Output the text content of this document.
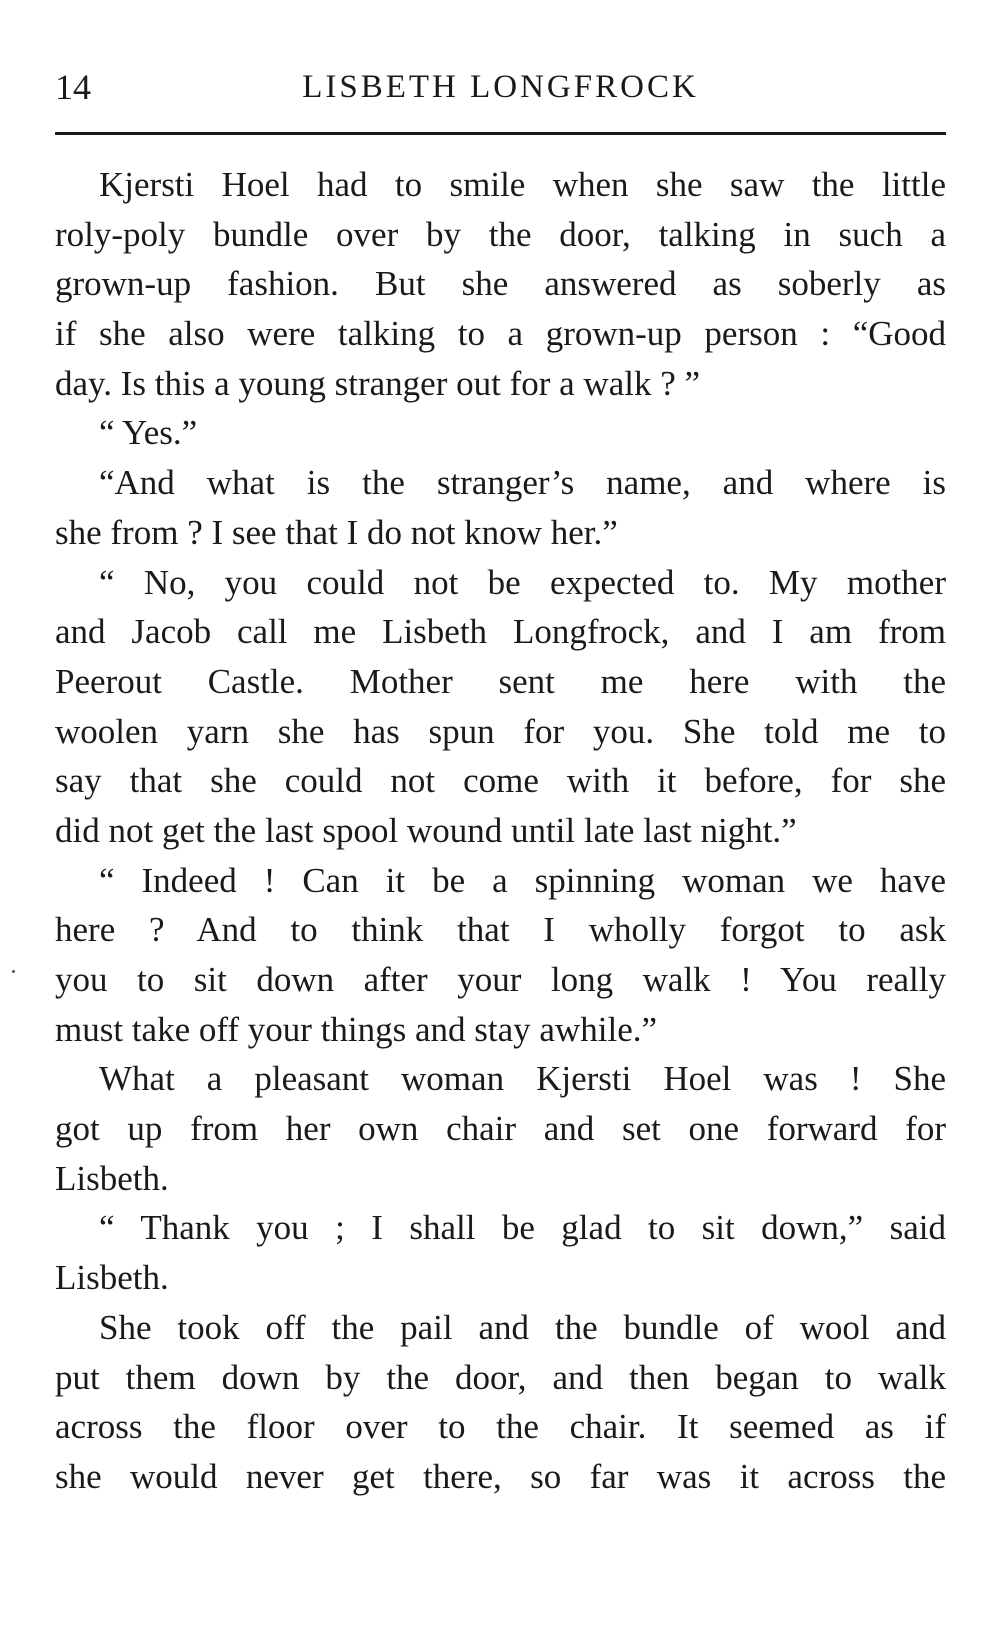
14	LISBETH LONGFROCK
Kjersti Hoel had to smile when she saw the little
roly-poly bundle over by the door, talking in such a
grown-up fashion. But she answered as soberly as
if she also were talking to a grown-up person : “Good
day. Is this a young stranger out for a walk ? ”
“ Yes.”
“And what is the stranger’s name, and where is
she from ? I see that I do not know her.”
“ No, you could not be expected to. My mother
and Jacob call me Lisbeth Longfrock, and I am from
Peerout Castle. Mother sent me here with the
woolen yarn she has spun for you. She told me to
say that she could not come with it before, for she
did not get the last spool wound until late last night.”
“ Indeed ! Can it be a spinning woman we have
here ? And to think that I wholly forgot to ask
you to sit down after your long walk ! You really
must take off your things and stay awhile.”
What a pleasant woman Kjersti Hoel was ! She
got up from her own chair and set one forward for
Lisbeth.
“ Thank you ; I shall be glad to sit down,” said
Lisbeth.
She took off the pail and the bundle of wool and
put them down by the door, and then began to walk
across the floor over to the chair. It seemed as if
she would never get there, so far was it across the
